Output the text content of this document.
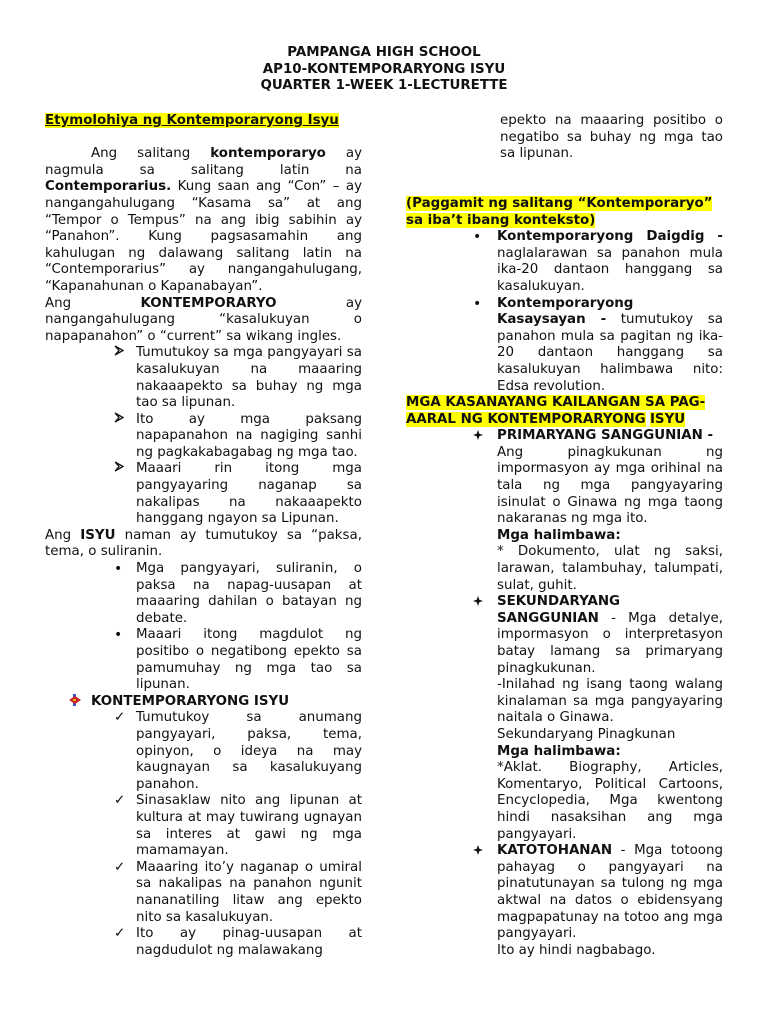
PAMPANGA HIGH SCHOOL
AP10-KONTEMPORARYONG ISYU
QUARTER 1-WEEK 1-LECTURETTE

Etymolohiya ng Kontemporaryong Isyu

Ang salitang kontemporaryo ay nagmula sa salitang latin na Contemporarius. Kung saan ang “Con” – ay nangangahulugang “Kasama sa” at ang “Tempor o Tempus” na ang ibig sabihin ay “Panahon”. Kung pagsasamahin ang kahulugan ng dalawang salitang latin na “Contemporarius” ay nangangahulugang, “Kapanahunan o Kapanabayan”.

Ang KONTEMPORARYO ay nangangahulugang “kasalukuyan o napapanahon” o “current” sa wikang ingles.

Tumutukoy sa mga pangyayari sa kasalukuyan na maaaring nakaaapekto sa buhay ng mga tao sa lipunan.
Ito ay mga paksang napapanahon na nagiging sanhi ng pagkakabagabag ng mga tao.
Maaari rin itong mga pangyayaring naganap sa nakalipas na nakaaapekto hanggang ngayon sa Lipunan.

Ang ISYU naman ay tumutukoy sa “paksa, tema, o suliranin.

•	Mga pangyayari, suliranin, o paksa na napag-uusapan at maaaring dahilan o batayan ng debate.
•	Maaari itong magdulot ng positibo o negatibong epekto sa pamumuhay ng mga tao sa lipunan.
KONTEMPORARYONG ISYU
✓ Tumutukoy sa anumang pangyayari, paksa, tema, opinyon, o ideya na may kaugnayan sa kasalukuyang panahon.
✓ Sinasaklaw nito ang lipunan at kultura at may tuwirang ugnayan sa interes at gawi ng mga mamamayan.
✓ Maaaring ito’y naganap o umiral sa nakalipas na panahon ngunit nananatiling litaw ang epekto nito sa kasalukuyan.
✓ Ito ay pinag-uusapan at nagdudulot ng malawakang

epekto na maaaring positibo o negatibo sa buhay ng mga tao sa lipunan.

(Paggamit ng salitang “Kontemporaryo” sa iba’t ibang konteksto)

• Kontemporaryong Daigdig - naglalarawan sa panahon mula ika-20 dantaon hanggang sa kasalukuyan.
• Kontemporaryong Kasaysayan - tumutukoy sa panahon mula sa pagitan ng ika-20 dantaon hanggang sa kasalukuyan halimbawa nito: Edsa revolution.

MGA KASANAYANG KAILANGAN SA PAG-AARAL NG KONTEMPORARYONG ISYU

PRIMARYANG SANGGUNIAN -
Ang pinagkukunan ng impormasyon ay mga orihinal na tala ng mga pangyayaring isinulat o Ginawa ng mga taong nakaranas ng mga ito.
Mga halimbawa:
* Dokumento, ulat ng saksi, larawan, talambuhay, talumpati, sulat, guhit.
SEKUNDARYANG SANGGUNIAN - Mga detalye, impormasyon o interpretasyon batay lamang sa primaryang pinagkukunan.
-Inilahad ng isang taong walang kinalaman sa mga pangyayaring naitala o Ginawa.
Sekundaryang Pinagkunan
Mga halimbawa:
*Aklat. Biography, Articles, Komentaryo, Political Cartoons, Encyclopedia, Mga kwentong hindi nasaksihan ang mga pangyayari.
KATOTOHANAN - Mga totoong pahayag o pangyayari na pinatutunayan sa tulong ng mga aktwal na datos o ebidensyang magpapatunay na totoo ang mga pangyayari.
Ito ay hindi nagbabago.
